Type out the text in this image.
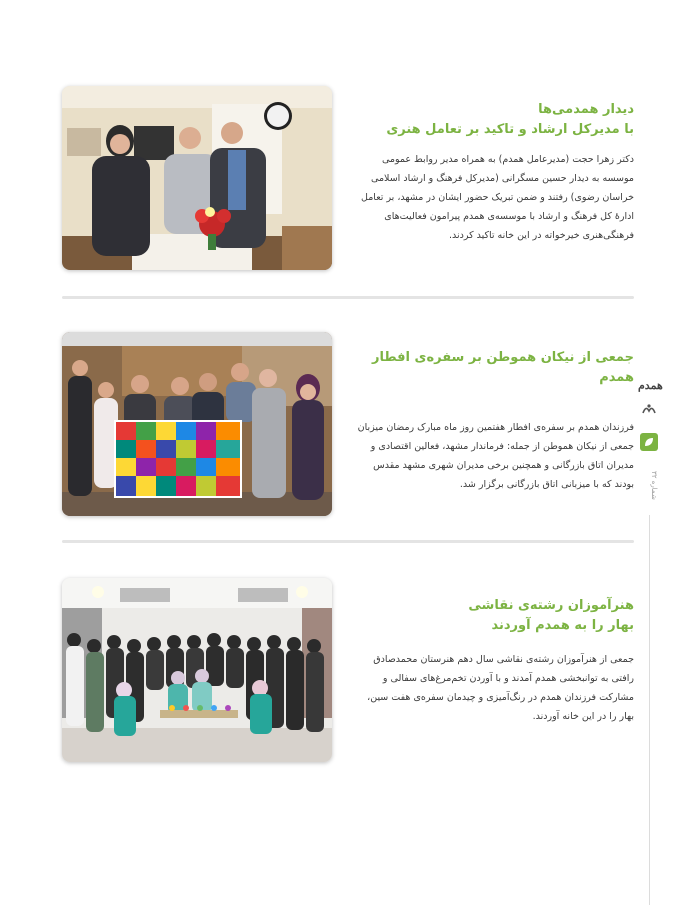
دیدار همدمی‌ها
با مدیرکل ارشاد و تاکید بر تعامل هنری

دکتر زهرا حجت (مدیرعامل همدم) به همراه مدیر روابط عمومی موسسه به دیدار حسین مسگرانی (مدیرکل فرهنگ و ارشاد اسلامی خراسان رضوی) رفتند و ضمن تبریک حضور ایشان در مشهد، بر تعامل ادارهٔ کل فرهنگ و ارشاد با موسسه‌ی همدم پیرامون فعالیت‌های فرهنگی‌هنری خیرخواته در این خانه تاکید کردند.

جمعی از نیکان هموطن بر سفره‌ی افطار همدم

فرزندان همدم بر سفره‌ی افطار هفتمین روز ماه مبارک رمضان میزبان جمعی از نیکان هموطن از جمله: فرماندار مشهد، فعالین اقتصادی و مدیران اتاق بازرگانی و همچنین برخی مدیران شهری مشهد مقدس بودند که با میزبانی اتاق بازرگانی برگزار شد.

هنرآموزان رشته‌ی نقاشی
بهار را به همدم آوردند

جمعی از هنرآموزان رشته‌ی نقاشی سال دهم هنرستان محمدصادق رافتی به توانبخشی همدم آمدند و با آوردن تخم‌مرغ‌های سفالی و مشارکت فرزندان همدم در رنگ‌آمیزی و چیدمان سفره‌ی هفت سین، بهار را در این خانه آوردند.

همدم
شماره ۳۲
